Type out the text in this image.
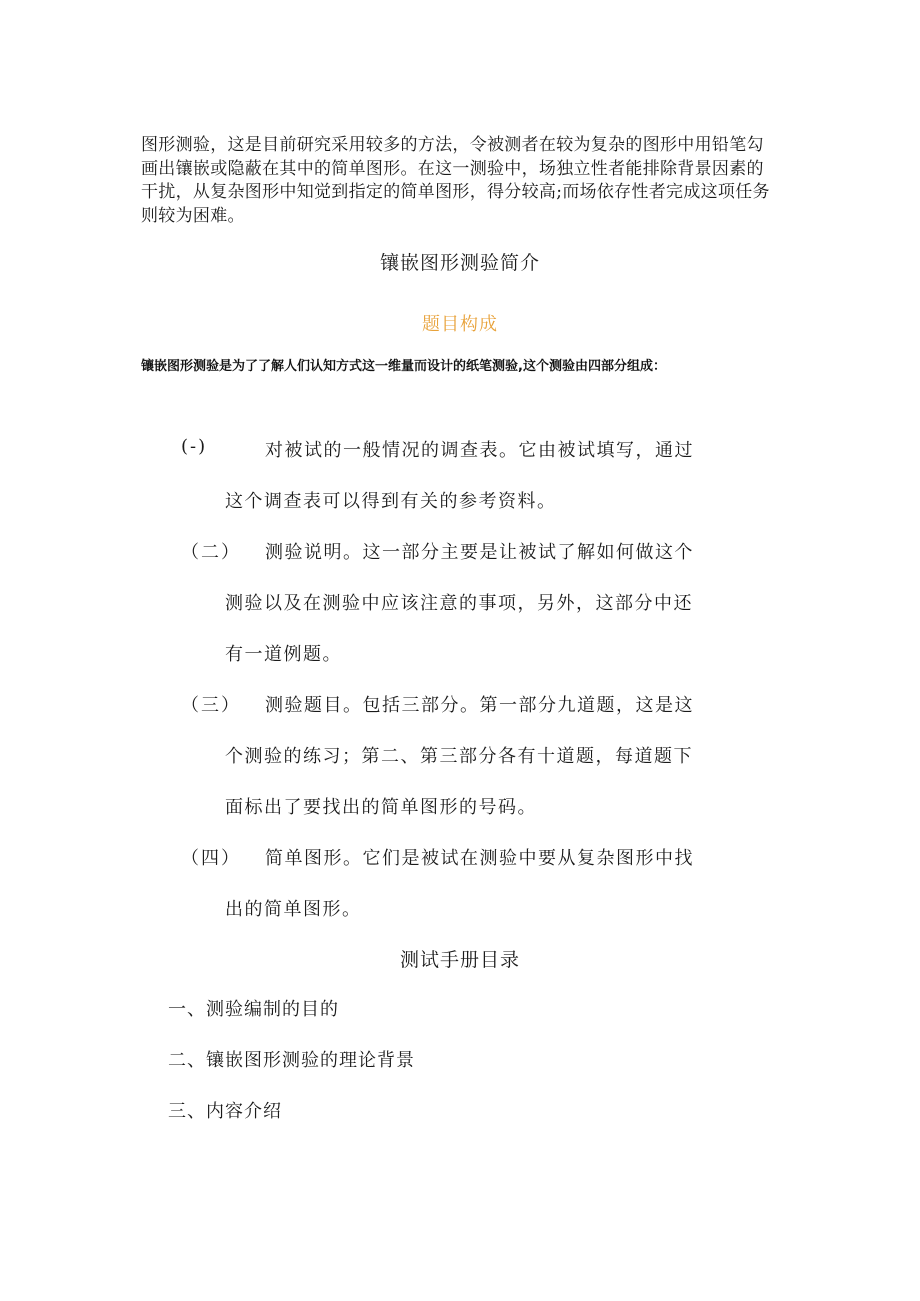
图形测验，这是目前研究采用较多的方法，令被测者在较为复杂的图形中用铅笔勾画出镶嵌或隐蔽在其中的简单图形。在这一测验中，场独立性者能排除背景因素的干扰，从复杂图形中知觉到指定的简单图形，得分较高;而场依存性者完成这项任务则较为困难。

镶嵌图形测验简介
题目构成

镶嵌图形测验是为了了解人们认知方式这一维量而设计的纸笔测验,这个测验由四部分组成：

(-)	对被试的一般情况的调查表。它由被试填写，通过
这个调查表可以得到有关的参考资料。
（二） 测验说明。这一部分主要是让被试了解如何做这个
测验以及在测验中应该注意的事项，另外，这部分中还
有一道例题。
（三） 测验题目。包括三部分。第一部分九道题，这是这
个测验的练习；第二、第三部分各有十道题，每道题下
面标出了要找出的简单图形的号码。
（四） 简单图形。它们是被试在测验中要从复杂图形中找
出的简单图形。
测试手册目录
一、测验编制的目的
二、镶嵌图形测验的理论背景
三、内容介绍
